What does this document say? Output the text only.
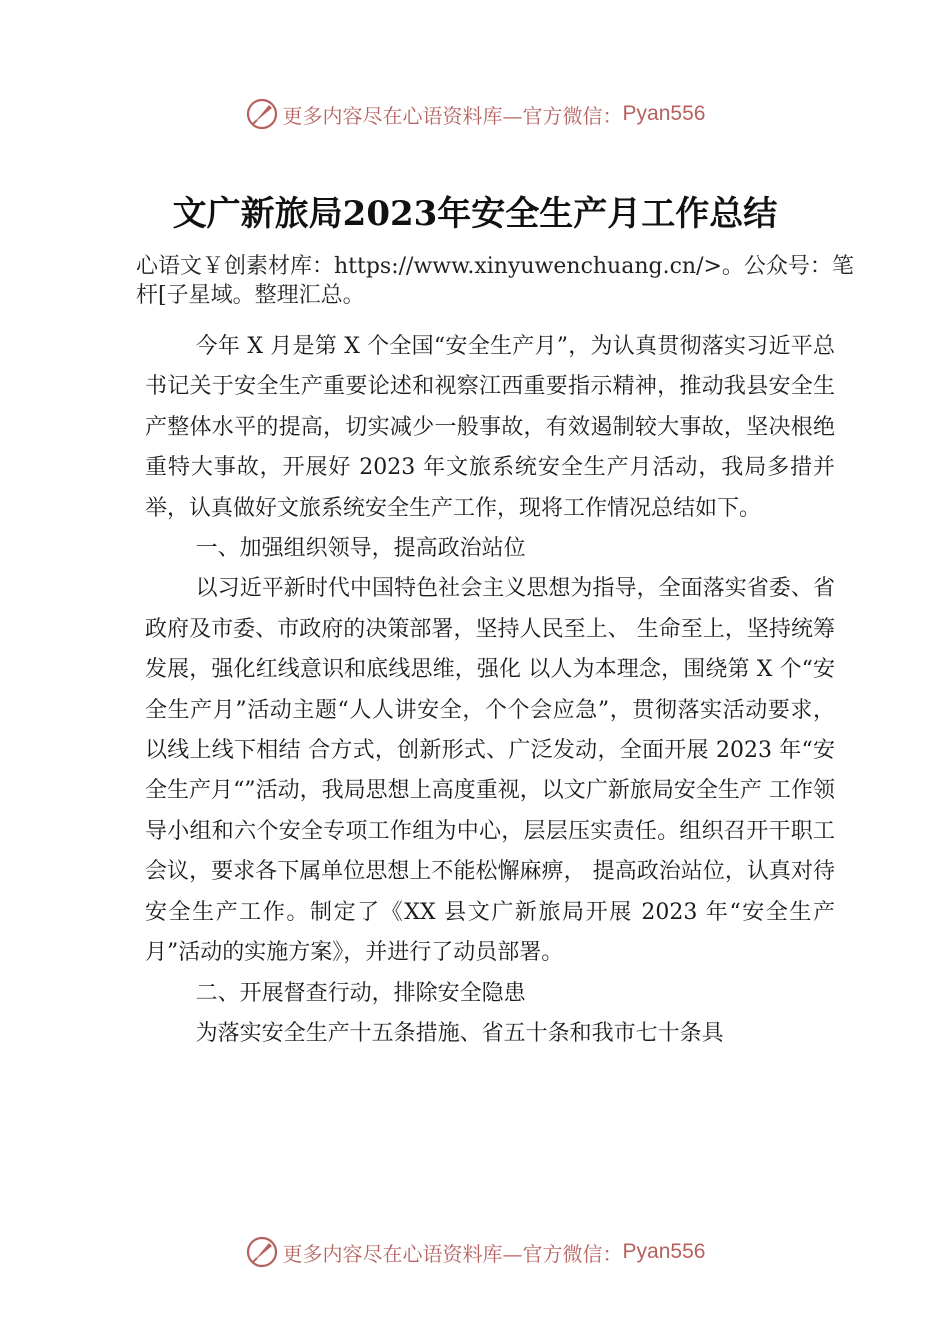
更多内容尽在心语资料库—官方微信： Pyan556
文广新旅局2023年安全生产月工作总结
心语文￥创素材库：https://www.xinyuwenchuang.cn/>。公众号：笔杆[子星域。整理汇总。

今年 X 月是第 X 个全国“安全生产月”，为认真贯彻落实习近平总书记关于安全生产重要论述和视察江西重要指示精神，推动我县安全生产整体水平的提高，切实减少一般事故，有效遏制较大事故，坚决根绝重特大事故，开展好 2023 年文旅系统安全生产月活动，我局多措并举，认真做好文旅系统安全生产工作，现将工作情况总结如下。

一、加强组织领导，提高政治站位

以习近平新时代中国特色社会主义思想为指导，全面落实省委、省政府及市委、市政府的决策部署，坚持人民至上、 生命至上，坚持统筹发展，强化红线意识和底线思维，强化 以人为本理念，围绕第 X 个“安全生产月”活动主题“人人讲安全，个个会应急”，贯彻落实活动要求，以线上线下相结 合方式，创新形式、广泛发动，全面开展 2023 年“安全生产月“”活动，我局思想上高度重视，以文广新旅局安全生产 工作领导小组和六个安全专项工作组为中心，层层压实责任。组织召开干职工会议，要求各下属单位思想上不能松懈麻痹， 提高政治站位，认真对待安全生产工作。制定了《XX 县文广新旅局开展 2023 年“安全生产月”活动的实施方案》，并进行了动员部署。

二、开展督查行动，排除安全隐患

为落实安全生产十五条措施、省五十条和我市七十条具

更多内容尽在心语资料库—官方微信： Pyan556
